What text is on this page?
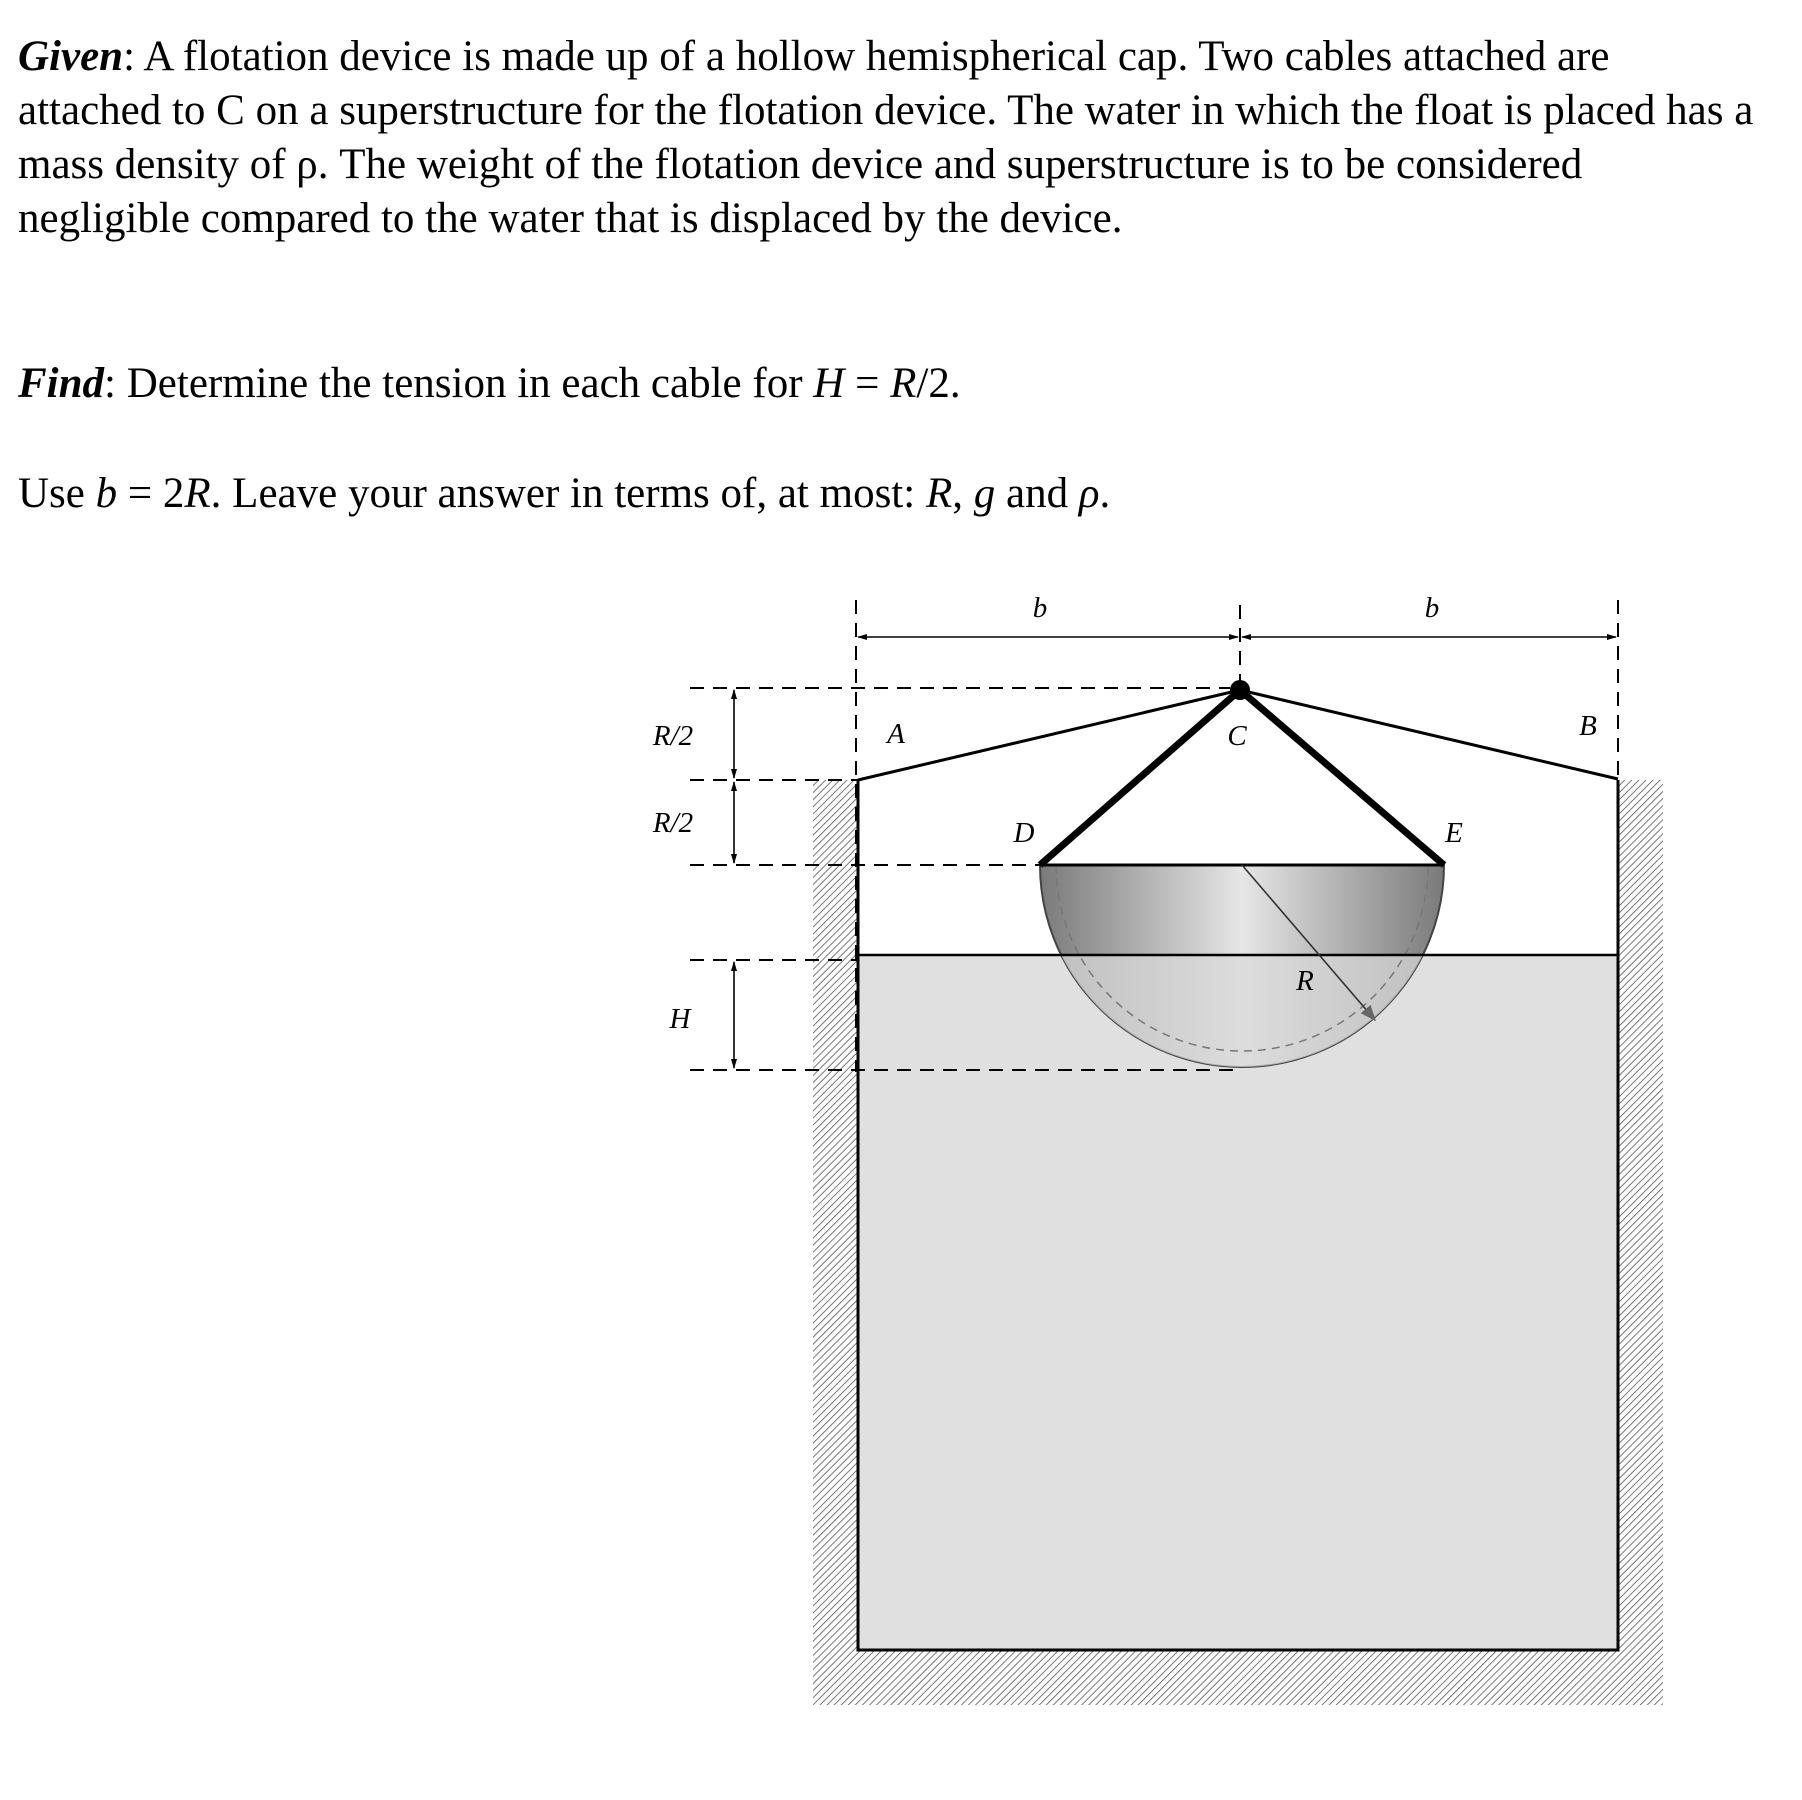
Given: A flotation device is made up of a hollow hemispherical cap. Two cables attached are attached to C on a superstructure for the flotation device. The water in which the float is placed has a mass density of ρ. The weight of the flotation device and superstructure is to be considered negligible compared to the water that is displaced by the device.
Find: Determine the tension in each cable for H = R/2.
Use b = 2R. Leave your answer in terms of, at most: R, g and ρ.
b	b
R/2
R/2
H
A	B
C
D	E
R
